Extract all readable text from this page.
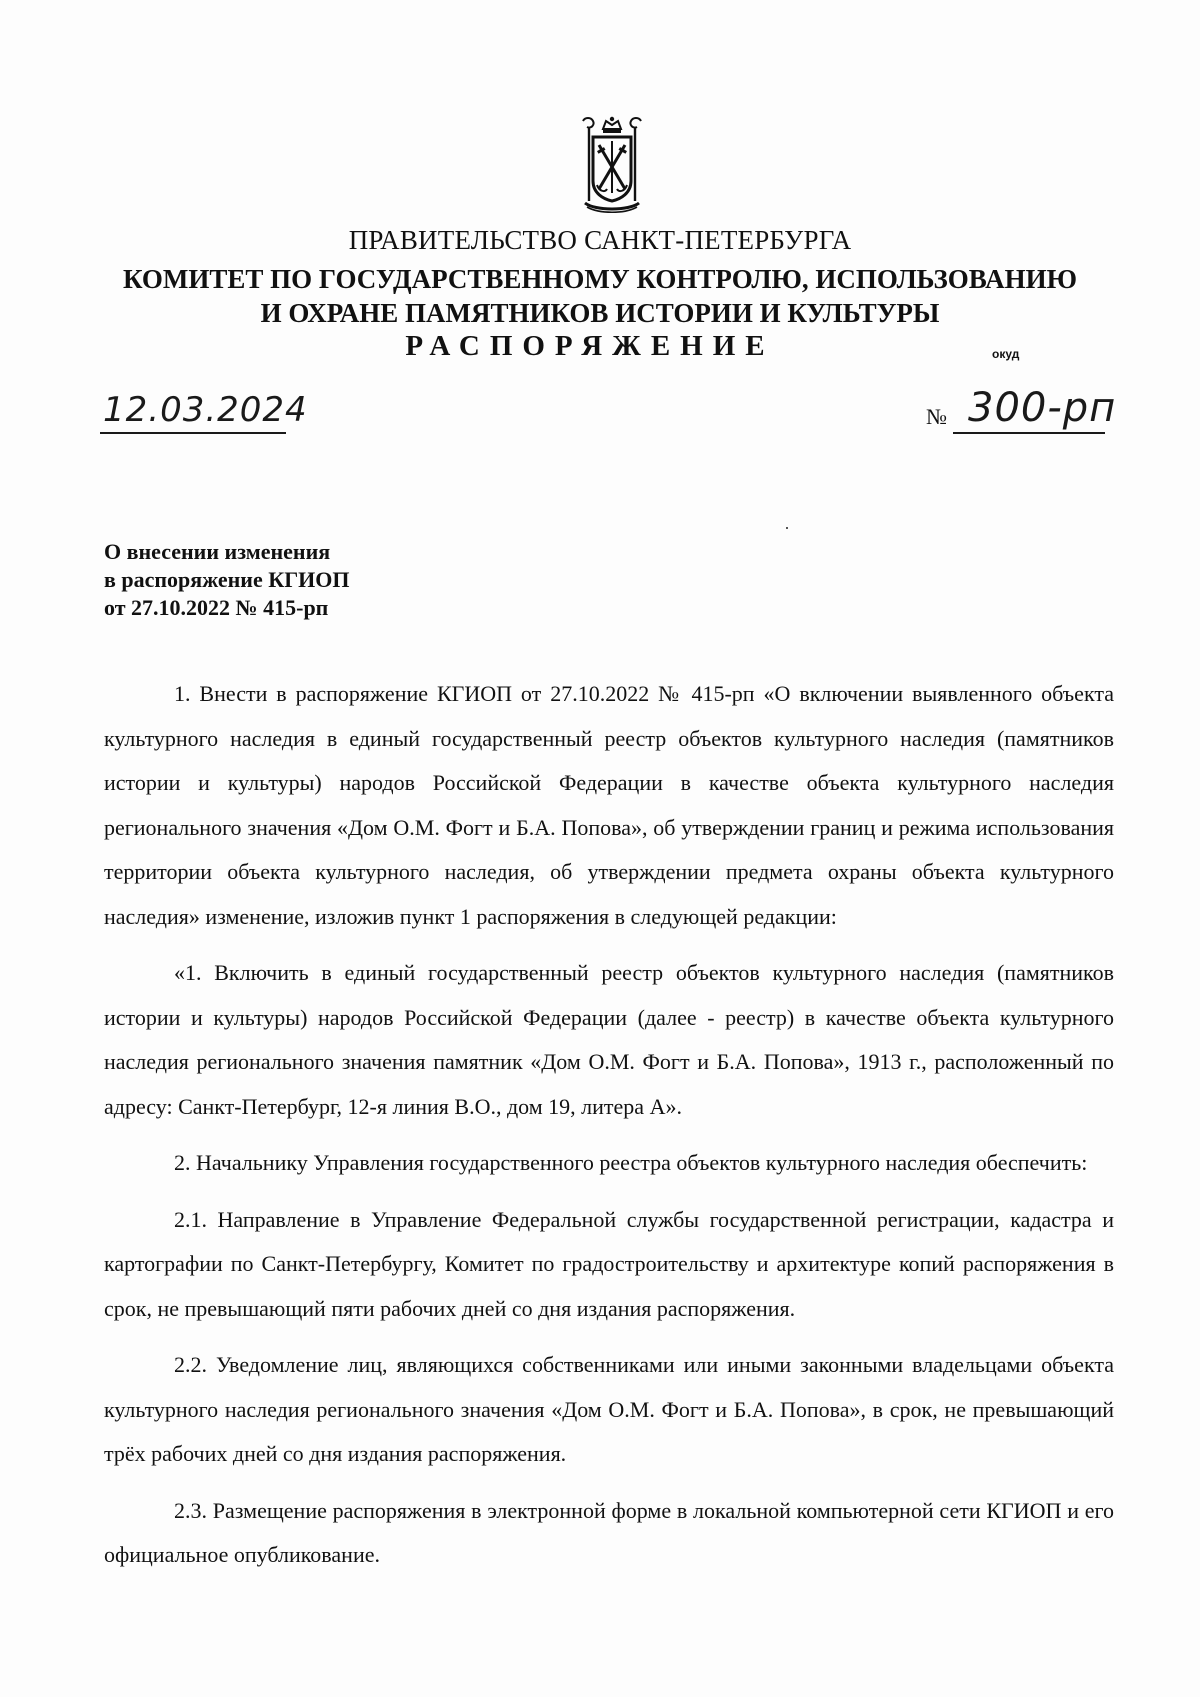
ПРАВИТЕЛЬСТВО САНКТ-ПЕТЕРБУРГА
КОМИТЕТ ПО ГОСУДАРСТВЕННОМУ КОНТРОЛЮ, ИСПОЛЬЗОВАНИЮ
И ОХРАНЕ ПАМЯТНИКОВ ИСТОРИИ И КУЛЬТУРЫ
РАСПОРЯЖЕНИЕ	окуд
12.03.2024	№ 300-рп
О внесении изменения
в распоряжение КГИОП
от 27.10.2022 № 415-рп

1. Внести в распоряжение КГИОП от 27.10.2022 № 415-рп «О включении выявленного объекта культурного наследия в единый государственный реестр объектов культурного наследия (памятников истории и культуры) народов Российской Федерации в качестве объекта культурного наследия регионального значения «Дом О.М. Фогт и Б.А. Попова», об утверждении границ и режима использования территории объекта культурного наследия, об утверждении предмета охраны объекта культурного наследия» изменение, изложив пункт 1 распоряжения в следующей редакции:

«1. Включить в единый государственный реестр объектов культурного наследия (памятников истории и культуры) народов Российской Федерации (далее - реестр) в качестве объекта культурного наследия регионального значения памятник «Дом О.М. Фогт и Б.А. Попова», 1913 г., расположенный по адресу: Санкт-Петербург, 12-я линия В.О., дом 19, литера А».

2. Начальнику Управления государственного реестра объектов культурного наследия обеспечить:

2.1. Направление в Управление Федеральной службы государственной регистрации, кадастра и картографии по Санкт-Петербургу, Комитет по градостроительству и архитектуре копий распоряжения в срок, не превышающий пяти рабочих дней со дня издания распоряжения.

2.2. Уведомление лиц, являющихся собственниками или иными законными владельцами объекта культурного наследия регионального значения «Дом О.М. Фогт и Б.А. Попова», в срок, не превышающий трёх рабочих дней со дня издания распоряжения.

2.3. Размещение распоряжения в электронной форме в локальной компьютерной сети КГИОП и его официальное опубликование.
